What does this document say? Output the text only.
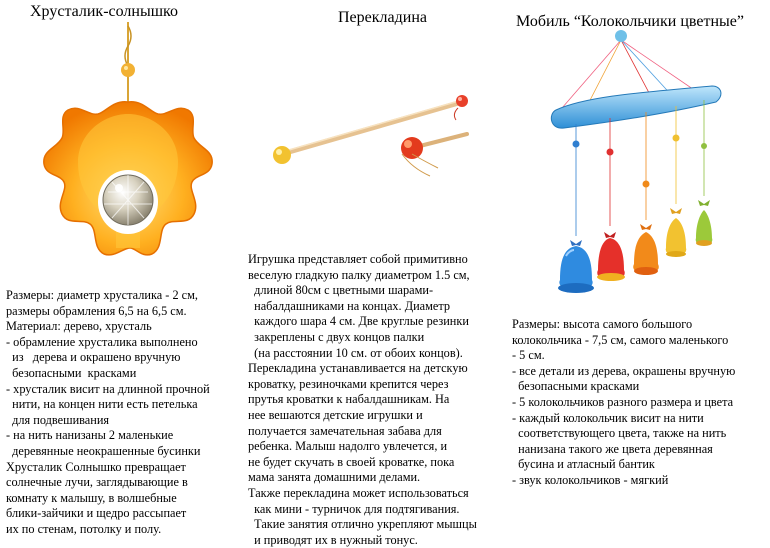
Хрусталик-солнышко	Перекладина	Мобиль “Колокольчики цветные”
Размеры: диаметр хрусталика - 2 см,
размеры обрамления 6,5 на 6,5 см.
Материал: дерево, хрусталь
- обрамление хрусталика выполнено
из   дерева и окрашено вручную
безопасными  красками
- хрусталик висит на длинной прочной
нити, на концен нити есть петелька
для подвешивания
- на нить нанизаны 2 маленькие
деревянные неокрашенные бусинки
Хрусталик Солнышко превращает
солнечные лучи, заглядывающие в
комнату к малышу, в волшебные
блики-зайчики и щедро рассыпает
их по стенам, потолку и полу.
Игрушка представляет собой примитивно
веселую гладкую палку диаметром 1.5 см,
длиной 80см с цветными шарами-
набалдашниками на концах. Диаметр
каждого шара 4 см. Две круглые резинки
закреплены с двух концов палки
(на расстоянии 10 см. от обоих концов).
Перекладина устанавливается на детскую
кроватку, резиночками крепится через
прутья кроватки к набалдашникам. На
нее вешаются детские игрушки и
получается замечательная забава для
ребенка. Малыш надолго увлечется, и
не будет скучать в своей кроватке, пока
мама занята домашними делами.
Также перекладина может использоваться
как мини - турничок для подтягивания.
Такие занятия отлично укрепляют мышцы
и приводят их в нужный тонус.
Размеры: высота самого большого
колокольчика - 7,5 см, самого маленького
- 5 см.
- все детали из дерева, окрашены вручную
безопасными красками
- 5 колокольчиков разного размера и цвета
- каждый колокольчик висит на нити
соответствующего цвета, также на нить
нанизана такого же цвета деревянная
бусина и атласный бантик
- звук колокольчиков - мягкий
